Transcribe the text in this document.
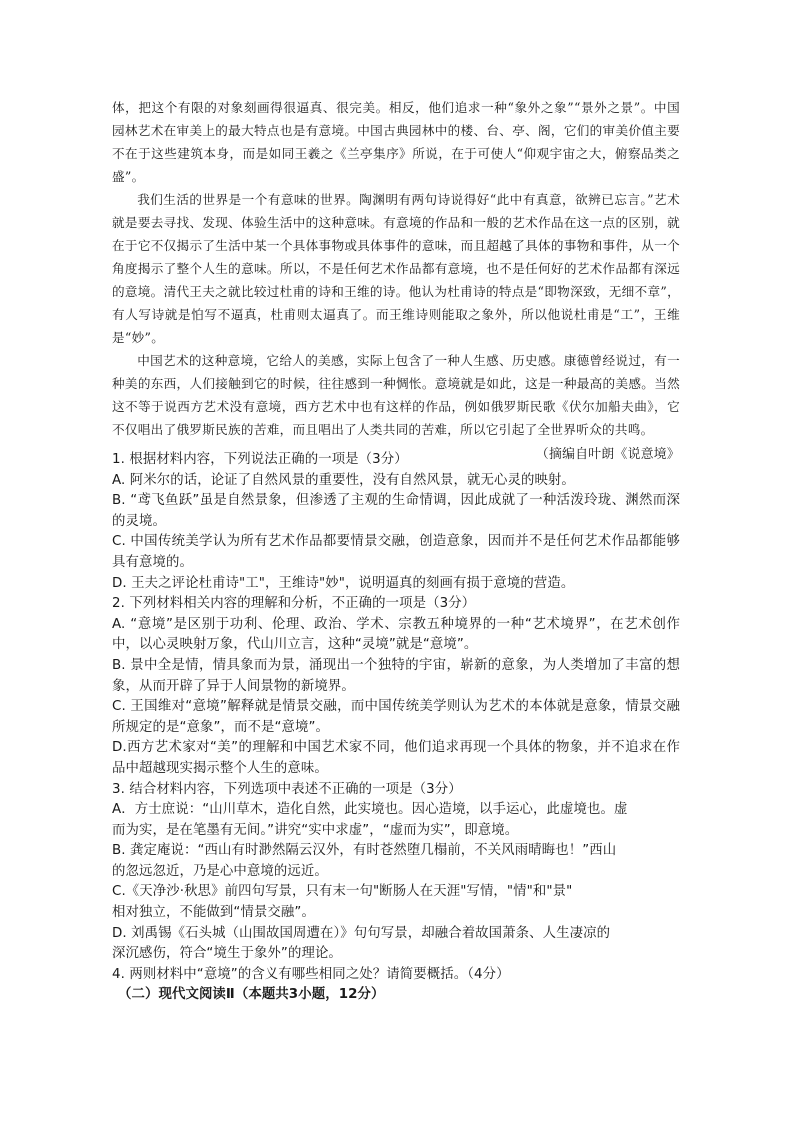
体，把这个有限的对象刻画得很逼真、很完美。相反，他们追求一种“象外之象”“景外之景”。中国园林艺术在审美上的最大特点也是有意境。中国古典园林中的楼、台、亭、阁，它们的审美价值主要不在于这些建筑本身，而是如同王羲之《兰亭集序》所说，在于可使人“仰观宇宙之大，俯察品类之盛”。

我们生活的世界是一个有意味的世界。陶渊明有两句诗说得好“此中有真意，欲辨已忘言。”艺术就是要去寻找、发现、体验生活中的这种意味。有意境的作品和一般的艺术作品在这一点的区别，就在于它不仅揭示了生活中某一个具体事物或具体事件的意味，而且超越了具体的事物和事件，从一个角度揭示了整个人生的意味。所以，不是任何艺术作品都有意境，也不是任何好的艺术作品都有深远的意境。清代王夫之就比较过杜甫的诗和王维的诗。他认为杜甫诗的特点是“即物深致，无细不章”，有人写诗就是怕写不逼真，杜甫则太逼真了。而王维诗则能取之象外，所以他说杜甫是“工”，王维是“妙”。

中国艺术的这种意境，它给人的美感，实际上包含了一种人生感、历史感。康德曾经说过，有一种美的东西，人们接触到它的时候，往往感到一种惆怅。意境就是如此，这是一种最高的美感。当然这不等于说西方艺术没有意境，西方艺术中也有这样的作品，例如俄罗斯民歌《伏尔加船夫曲》，它不仅唱出了俄罗斯民族的苦难，而且唱出了人类共同的苦难，所以它引起了全世界听众的共鸣。

（摘编自叶朗《说意境》

1. 根据材料内容，下列说法正确的一项是（3分）

A. 阿米尔的话，论证了自然风景的重要性，没有自然风景，就无心灵的映射。

B. “鸢飞鱼跃”虽是自然景象，但渗透了主观的生命情调，因此成就了一种活泼玲珑、渊然而深的灵境。

C. 中国传统美学认为所有艺术作品都要情景交融，创造意象，因而并不是任何艺术作品都能够具有意境的。

D. 王夫之评论杜甫诗"工"，王维诗"妙"，说明逼真的刻画有损于意境的营造。

2. 下列材料相关内容的理解和分析，不正确的一项是（3分）

A. “意境”是区别于功利、伦理、政治、学术、宗教五种境界的一种“艺术境界”，在艺术创作中，以心灵映射万象，代山川立言，这种“灵境”就是“意境”。

B. 景中全是情，情具象而为景，涌现出一个独特的宇宙，崭新的意象，为人类增加了丰富的想象，从而开辟了异于人间景物的新境界。

C. 王国维对“意境”解释就是情景交融，而中国传统美学则认为艺术的本体就是意象，情景交融所规定的是“意象”，而不是“意境”。

D.西方艺术家对“美”的理解和中国艺术家不同，他们追求再现一个具体的物象，并不追求在作品中超越现实揭示整个人生的意味。

3. 结合材料内容，下列选项中表述不正确的一项是（3分）

A．方士庶说：“山川草木，造化自然，此实境也。因心造境，以手运心，此虚境也。虚
而为实，是在笔墨有无间。”讲究“实中求虚”，“虚而为实”，即意境。

B. 龚定庵说：“西山有时渺然隔云汉外，有时苍然堕几榻前，不关风雨晴晦也！”西山
的忽远忽近，乃是心中意境的远近。

C.《天净沙·秋思》前四句写景，只有末一句"断肠人在天涯"写情，"情"和"景"
相对独立，不能做到“情景交融”。

D. 刘禹锡《石头城（山围故国周遭在）》句句写景，却融合着故国萧条、人生凄凉的
深沉感伤，符合“境生于象外”的理论。

4. 两则材料中“意境”的含义有哪些相同之处？请简要概括。（4分）

（二）现代文阅读Ⅱ（本题共3小题，12分）
